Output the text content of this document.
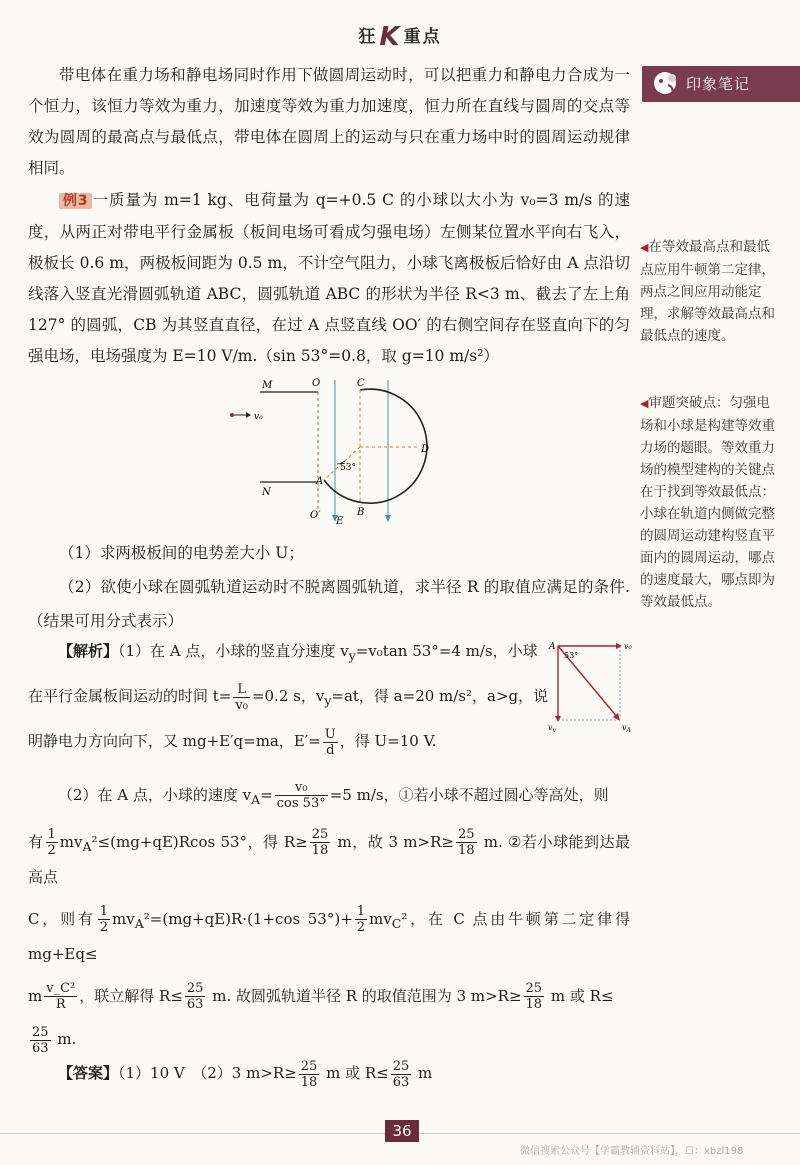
狂K 重点
印象笔记
◀在等效最高点和最低点应用牛顿第二定律，两点之间应用动能定理，求解等效最高点和最低点的速度。
◀审题突破点：匀强电场和小球是构建等效重力场的题眼。等效重力场的模型建构的关键点在于找到等效最低点：小球在轨道内侧做完整的圆周运动建构竖直平面内的圆周运动，哪点的速度最大，哪点即为等效最低点。

带电体在重力场和静电场同时作用下做圆周运动时，可以把重力和静电力合成为一个恒力，该恒力等效为重力，加速度等效为重力加速度，恒力所在直线与圆周的交点等效为圆周的最高点与最低点，带电体在圆周上的运动与只在重力场中时的圆周运动规律相同。

例3 一质量为 m=1 kg、电荷量为 q=+0.5 C 的小球以大小为 v₀=3 m/s 的速度，从两正对带电平行金属板（板间电场可看成匀强电场）左侧某位置水平向右飞入，极板长 0.6 m，两极板间距为 0.5 m，不计空气阻力，小球飞离极板后恰好由 A 点沿切线落入竖直光滑圆弧轨道 ABC，圆弧轨道 ABC 的形状为半径 R<3 m、截去了左上角 127° 的圆弧，CB 为其竖直直径，在过 A 点竖直线 OO′ 的右侧空间存在竖直向下的匀强电场，电场强度为 E=10 V/m.（sin 53°=0.8，取 g=10 m/s²）

M
N
O
O′
C
D
A
B
E
v₀
53°

（1）求两极板间的电势差大小 U；

（2）欲使小球在圆弧轨道运动时不脱离圆弧轨道，求半径 R 的取值应满足的条件.（结果可用分式表示）

【解析】（1）在 A 点，小球的竖直分速度 $v_y=v_0\tan$ 53°=4 m/s，小球

在平行金属板间运动的时间 $t= \frac{L}{\text{v₀}} =0.2$ s，$v_y=at$，得 a=20 m/s²，a>g，说

明静电力方向向下，又 mg+E′q=ma，$E'= \frac{U}{d}$ ，得 U=10 V.

（2）在 A 点，小球的速度 $v_A= \frac{\text{v₀}}{\cos 53^\circ} =5$ m/s，①若小球不超过圆心等高处，则

有 $\frac{1}{2} mv_A^2\le(mg+qE)Rcos$ 53°，得 $R\ge \frac{25}{18}$ m，故 3 $m>R\ge \frac{25}{18} m$. ②若小球能到达最高点

C，则有 $\frac{1}{2} mv_A^2=(mg+qE)R\cdot(1+\cos$ $53^\circ)+ \frac{1}{2} mv_C^2$，在 C 点由牛顿第二定律得 mg+Eq≤

m $\frac{\text{v\_C²}}{R}$ ，联立解得 $R\le \frac{25}{63} m$. 故圆弧轨道半径 R 的取值范围为 3 $m>R\ge \frac{25}{18}$ m 或 R≤

$\frac{25}{63} m$.

A	v₀
53°
$v_y$	$v_A$

【答案】（1）10 V　（2）3 $m>R\ge \frac{25}{18}$ m 或 $R\le \frac{25}{63}$ m

36
微信搜索公众号【学霸教辅资料站】，☐：xbzl198
